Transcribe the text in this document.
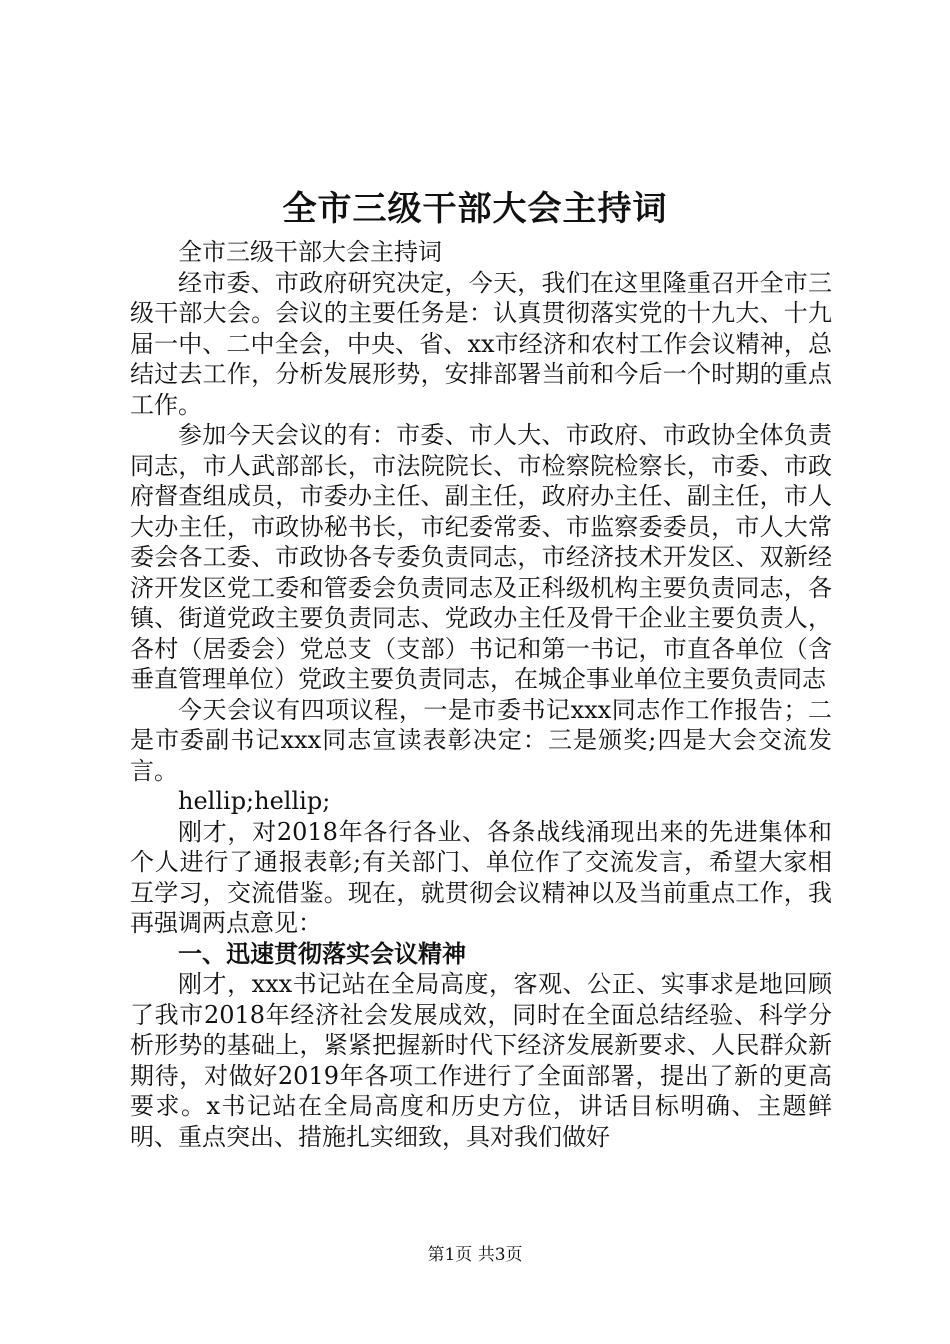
全市三级干部大会主持词

全市三级干部大会主持词

经市委、市政府研究决定，今天，我们在这里隆重召开全市三级干部大会。会议的主要任务是：认真贯彻落实党的十九大、十九届一中、二中全会，中央、省、xx市经济和农村工作会议精神，总结过去工作，分析发展形势，安排部署当前和今后一个时期的重点工作。

参加今天会议的有：市委、市人大、市政府、市政协全体负责同志，市人武部部长，市法院院长、市检察院检察长，市委、市政府督查组成员，市委办主任、副主任，政府办主任、副主任，市人大办主任，市政协秘书长，市纪委常委、市监察委委员，市人大常委会各工委、市政协各专委负责同志，市经济技术开发区、双新经济开发区党工委和管委会负责同志及正科级机构主要负责同志，各镇、街道党政主要负责同志、党政办主任及骨干企业主要负责人，各村（居委会）党总支（支部）书记和第一书记，市直各单位（含垂直管理单位）党政主要负责同志，在城企事业单位主要负责同志

今天会议有四项议程，一是市委书记xxx同志作工作报告；二是市委副书记xxx同志宣读表彰决定：三是颁奖;四是大会交流发言。

hellip;hellip;

刚才，对2018年各行各业、各条战线涌现出来的先进集体和个人进行了通报表彰;有关部门、单位作了交流发言，希望大家相互学习，交流借鉴。现在，就贯彻会议精神以及当前重点工作，我再强调两点意见：

一、迅速贯彻落实会议精神

刚才，xxx书记站在全局高度，客观、公正、实事求是地回顾了我市2018年经济社会发展成效，同时在全面总结经验、科学分析形势的基础上，紧紧把握新时代下经济发展新要求、人民群众新期待，对做好2019年各项工作进行了全面部署，提出了新的更高要求。x书记站在全局高度和历史方位，讲话目标明确、主题鲜明、重点突出、措施扎实细致，具对我们做好

第1页 共3页
